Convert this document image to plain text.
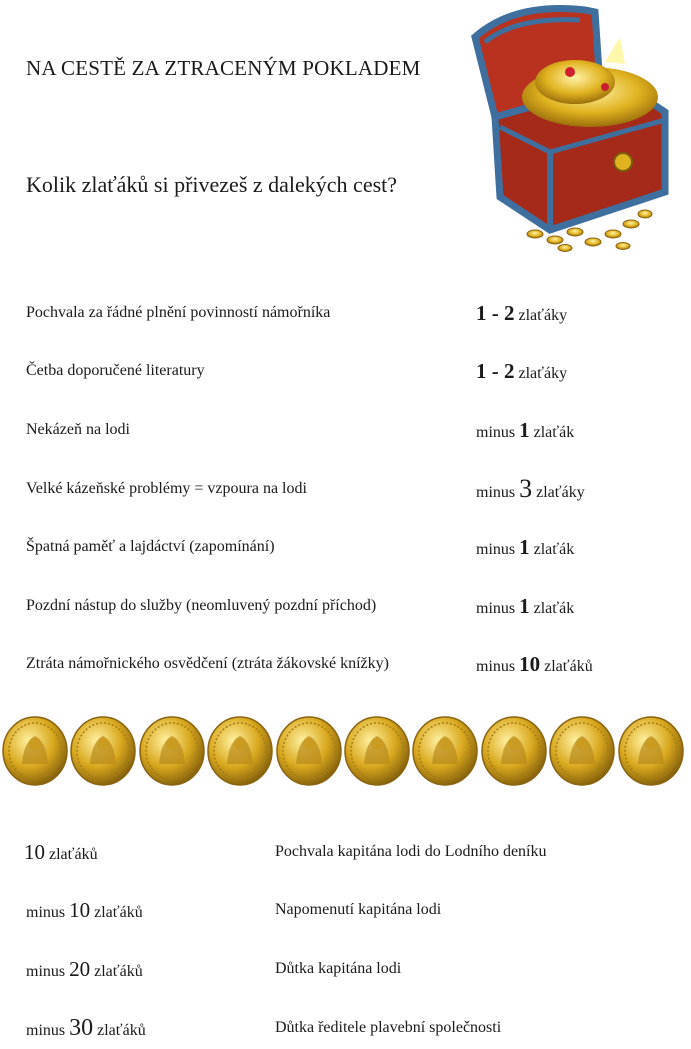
NA CESTĚ ZA ZTRACENÝM POKLADEM
Kolik zlaťáků si přivezeš z dalekých cest?
Pochvala za řádné plnění povinností námořníka	1 - 2 zlaťáky
Četba doporučené literatury	1 - 2 zlaťáky
Nekázeň na lodi	minus 1 zlaťák
Velké kázeňské problémy = vzpoura na lodi	minus 3 zlaťáky
Špatná paměť a lajdáctví (zapomínání)	minus 1 zlaťák
Pozdní nástup do služby (neomluvený pozdní příchod)	minus 1 zlaťák
Ztráta námořnického osvědčení (ztráta žákovské knížky)	minus 10 zlaťáků
10 zlaťáků	Pochvala kapitána lodi do Lodního deníku
minus 10 zlaťáků	Napomenutí kapitána lodi
minus 20 zlaťáků	Důtka kapitána lodi
minus 30 zlaťáků	Důtka ředitele plavební společnosti
